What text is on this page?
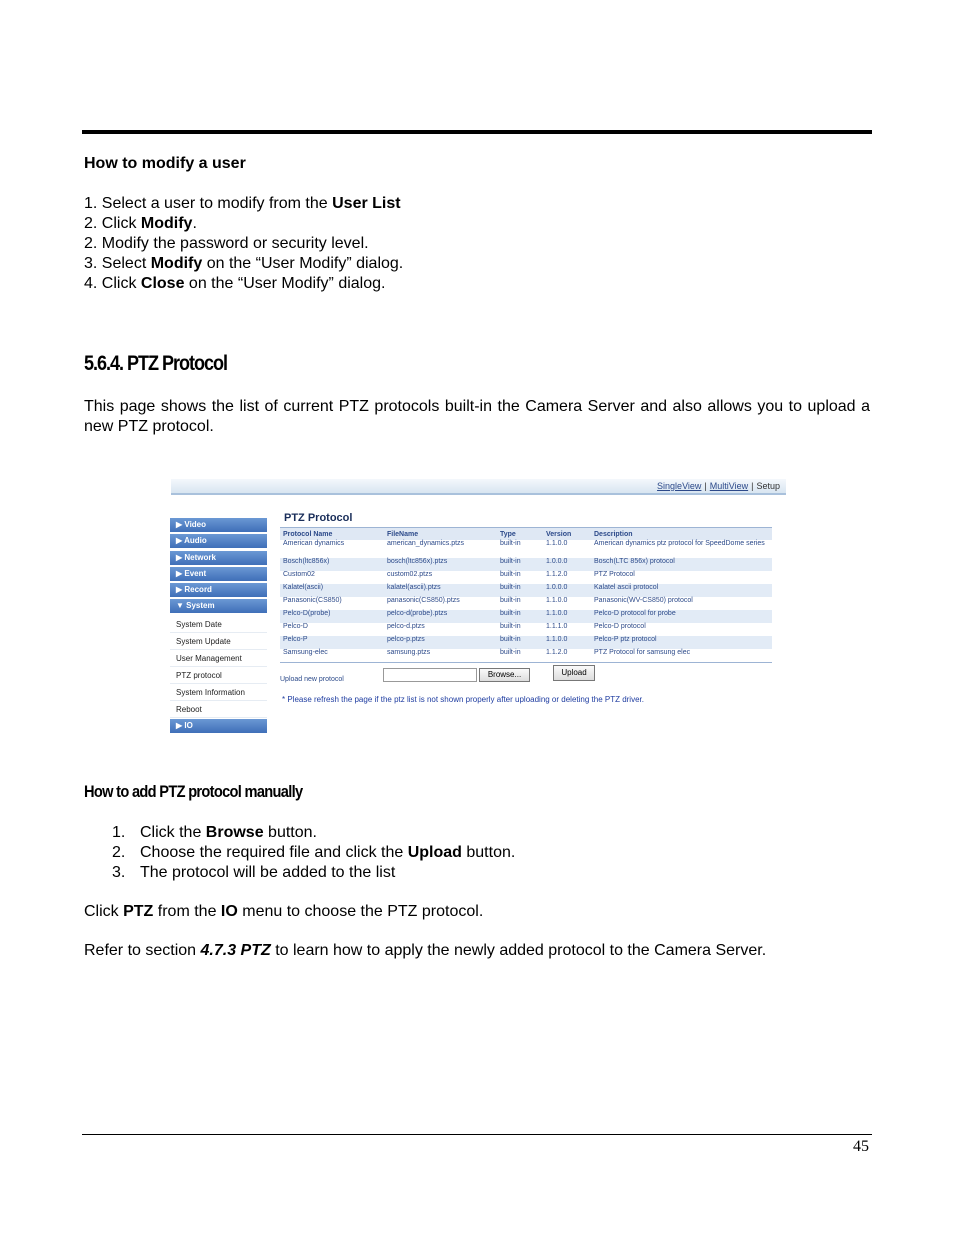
How to modify a user
1. Select a user to modify from the User List
2. Click Modify.
2. Modify the password or security level.
3. Select Modify on the “User Modify” dialog.
4. Click Close on the “User Modify” dialog.
5.6.4. PTZ Protocol
This page shows the list of current PTZ protocols built-in the Camera Server and also allows you to upload a new PTZ protocol.
SingleView | MultiView | Setup
▶ Video
▶ Audio
▶ Network
▶ Event
▶ Record
▼ System
System Date
System Update
User Management
PTZ protocol
System Information
Reboot
▶ IO
PTZ Protocol
Protocol Name	FileName	Type	Version	Description
American dynamics	american_dynamics.ptzs	built-in	1.1.0.0	American dynamics ptz protocol for SpeedDome series
Bosch(ltc856x)	bosch(ltc856x).ptzs	built-in	1.0.0.0	Bosch(LTC 856x) protocol
Custom02	custom02.ptzs	built-in	1.1.2.0	PTZ Protocol
Kalatel(ascii)	kalatel(ascii).ptzs	built-in	1.0.0.0	Kalatel ascii protocol
Panasonic(CS850)	panasonic(CS850).ptzs	built-in	1.1.0.0	Panasonic(WV-CS850) protocol
Pelco-D(probe)	pelco-d(probe).ptzs	built-in	1.1.0.0	Pelco-D protocol for probe
Pelco-D	pelco-d.ptzs	built-in	1.1.1.0	Pelco-D protocol
Pelco-P	pelco-p.ptzs	built-in	1.1.0.0	Pelco-P ptz protocol
Samsung-elec	samsung.ptzs	built-in	1.1.2.0	PTZ Protocol for samsung elec
Upload new protocol
Browse...	Upload
* Please refresh the page if the ptz list is not shown properly after uploading or deleting the PTZ driver.
How to add PTZ protocol manually
1. Click the Browse button.
2. Choose the required file and click the Upload button.
3. The protocol will be added to the list
Click PTZ from the IO menu to choose the PTZ protocol.
Refer to section 4.7.3 PTZ to learn how to apply the newly added protocol to the Camera Server.
45
